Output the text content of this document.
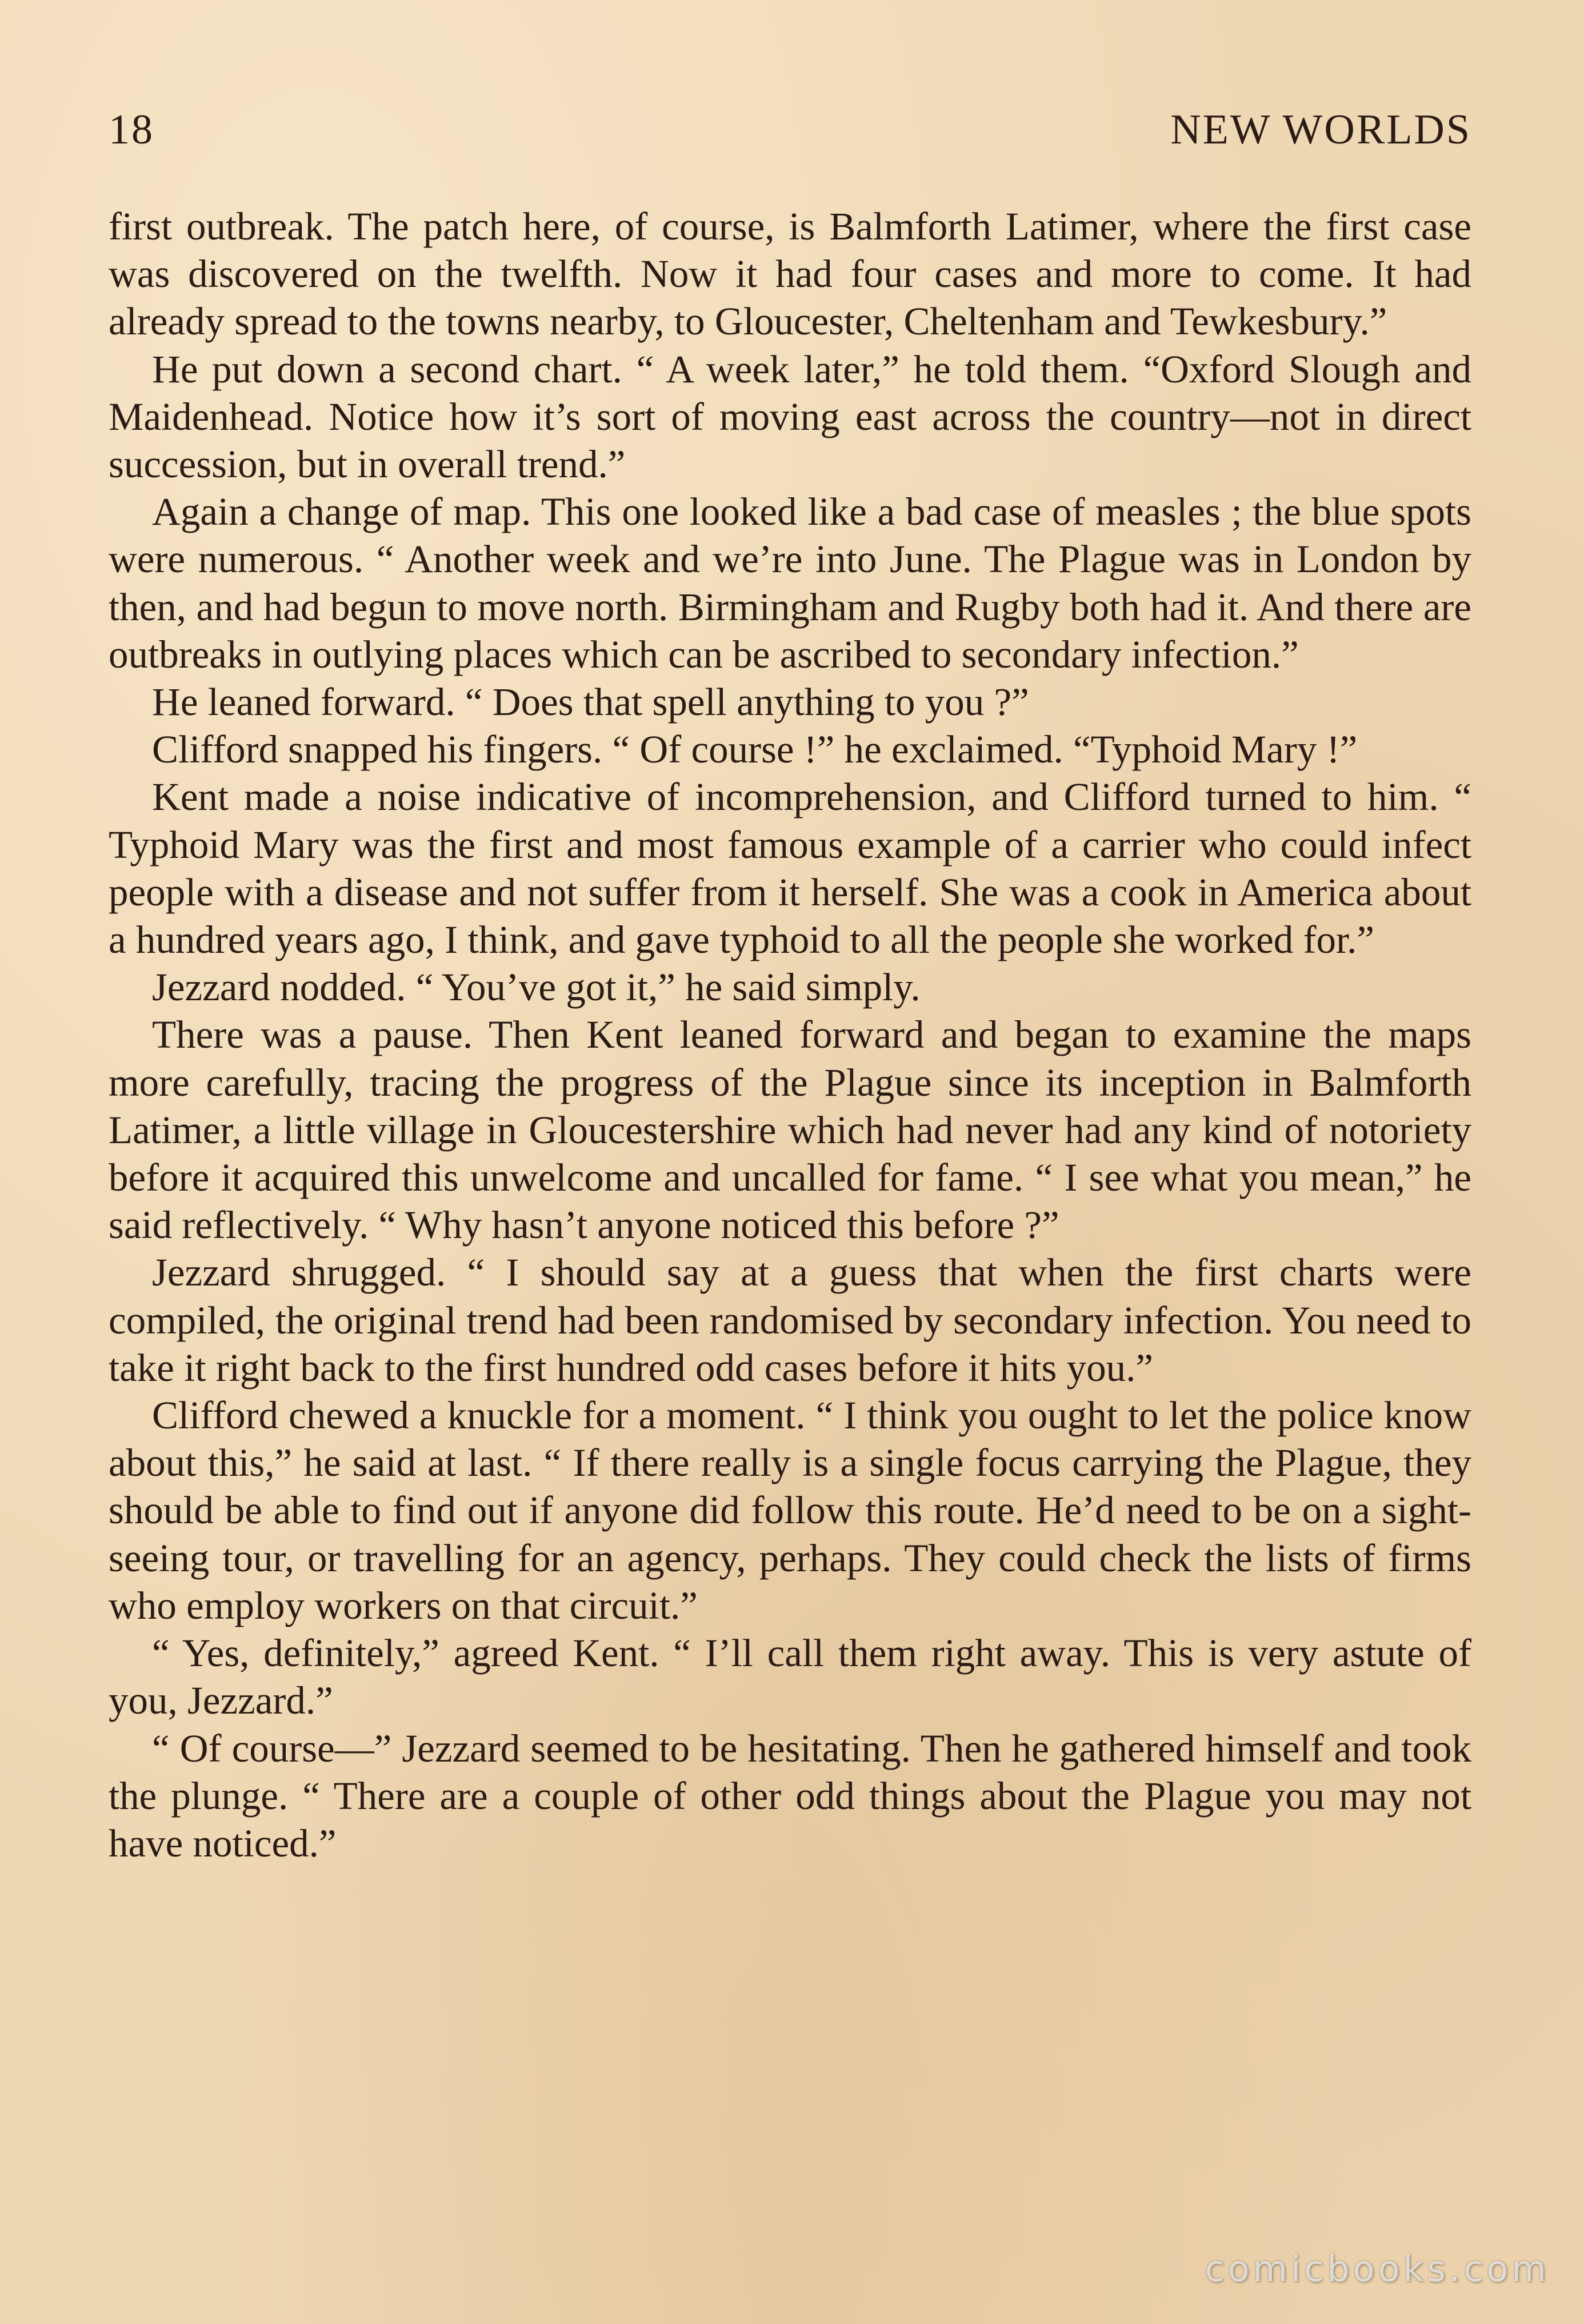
18	NEW WORLDS

first outbreak. The patch here, of course, is Balmforth Latimer, where the first case was discovered on the twelfth. Now it had four cases and more to come. It had already spread to the towns nearby, to Gloucester, Cheltenham and Tewkesbury.”

He put down a second chart. “ A week later,” he told them. “Oxford Slough and Maidenhead. Notice how it’s sort of moving east across the country—not in direct succession, but in overall trend.”

Again a change of map. This one looked like a bad case of measles ; the blue spots were numerous. “ Another week and we’re into June. The Plague was in London by then, and had begun to move north. Birmingham and Rugby both had it. And there are outbreaks in outlying places which can be ascribed to secondary infection.”

He leaned forward. “ Does that spell anything to you ?”

Clifford snapped his fingers. “ Of course !” he exclaimed. “Typhoid Mary !”

Kent made a noise indicative of incomprehension, and Clifford turned to him. “ Typhoid Mary was the first and most famous example of a carrier who could infect people with a disease and not suffer from it herself. She was a cook in America about a hundred years ago, I think, and gave typhoid to all the people she worked for.”

Jezzard nodded. “ You’ve got it,” he said simply.

There was a pause. Then Kent leaned forward and began to examine the maps more carefully, tracing the progress of the Plague since its inception in Balmforth Latimer, a little village in Gloucestershire which had never had any kind of notoriety before it acquired this unwelcome and uncalled for fame. “ I see what you mean,” he said reflectively. “ Why hasn’t anyone noticed this before ?”

Jezzard shrugged. “ I should say at a guess that when the first charts were compiled, the original trend had been randomised by secondary infection. You need to take it right back to the first hundred odd cases before it hits you.”

Clifford chewed a knuckle for a moment. “ I think you ought to let the police know about this,” he said at last. “ If there really is a single focus carrying the Plague, they should be able to find out if anyone did follow this route. He’d need to be on a sight-seeing tour, or travelling for an agency, perhaps. They could check the lists of firms who employ workers on that circuit.”

“ Yes, definitely,” agreed Kent. “ I’ll call them right away. This is very astute of you, Jezzard.”

“ Of course—” Jezzard seemed to be hesitating. Then he gathered himself and took the plunge. “ There are a couple of other odd things about the Plague you may not have noticed.”

comicbooks.com
